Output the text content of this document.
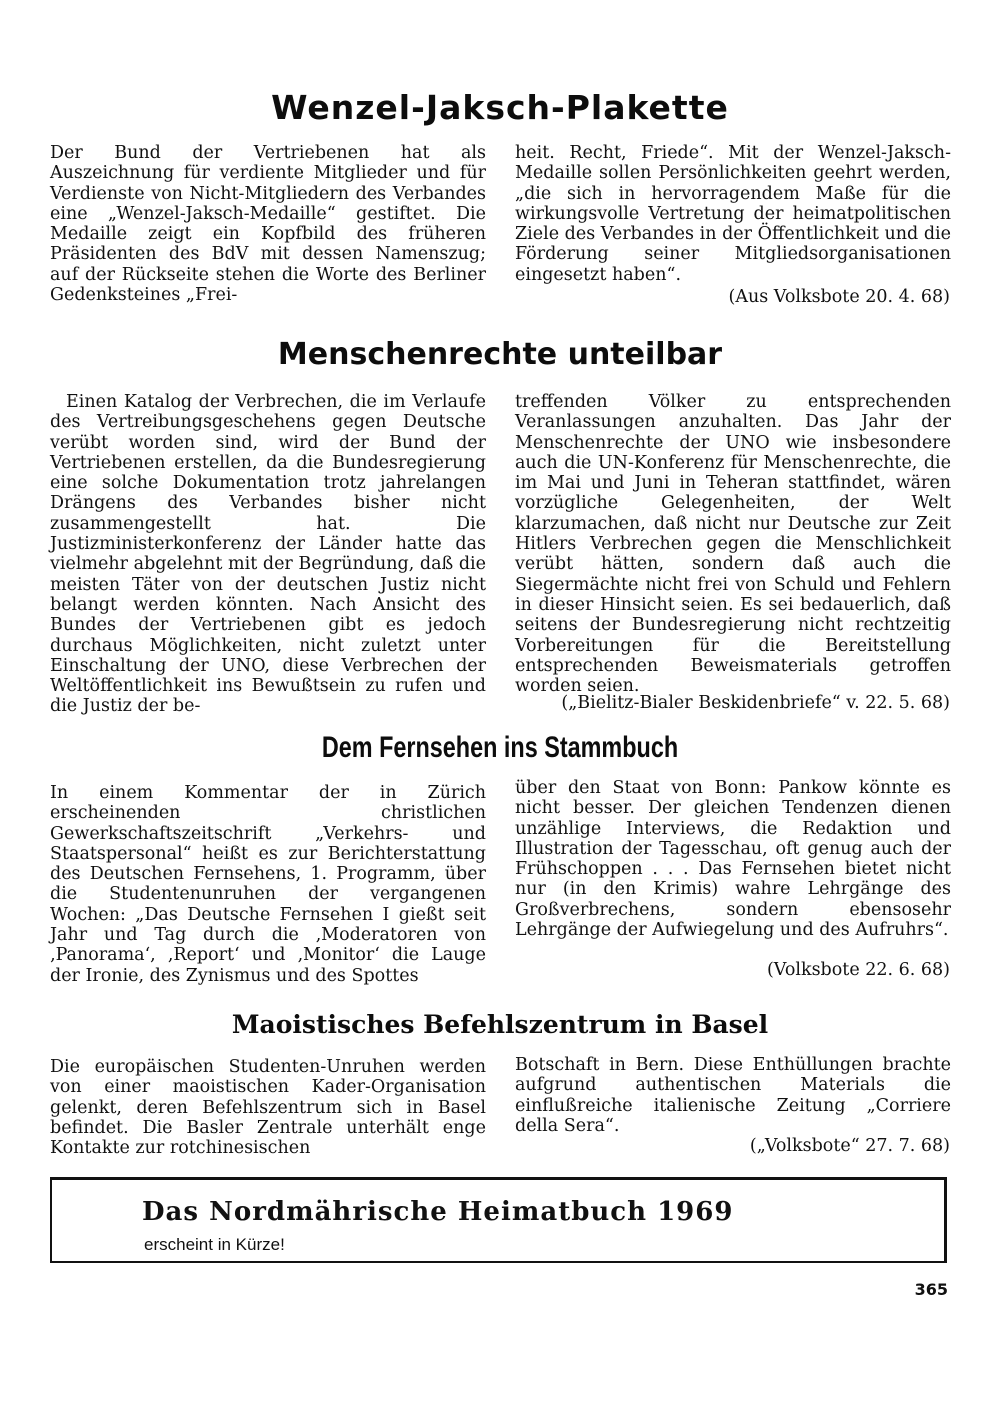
Wenzel-Jaksch-Plakette

Der Bund der Vertriebenen hat als Auszeichnung für verdiente Mitglieder und für Verdienste von Nicht-Mitgliedern des Verbandes eine „Wenzel-Jaksch-Medaille“ gestiftet. Die Medaille zeigt ein Kopfbild des früheren Präsidenten des BdV mit dessen Namenszug; auf der Rückseite stehen die Worte des Berliner Gedenksteines „Frei-

heit. Recht, Friede“. Mit der Wenzel-Jaksch-Medaille sollen Persönlichkeiten geehrt werden, „die sich in hervorragendem Maße für die wirkungsvolle Vertretung der heimatpolitischen Ziele des Verbandes in der Öffentlichkeit und die Förderung seiner Mitgliedsorganisationen eingesetzt haben“.

(Aus Volksbote 20. 4. 68)

Menschenrechte unteilbar

Einen Katalog der Verbrechen, die im Verlaufe des Vertreibungsgeschehens gegen Deutsche verübt worden sind, wird der Bund der Vertriebenen erstellen, da die Bundesregierung eine solche Dokumentation trotz jahrelangen Drängens des Verbandes bisher nicht zusammengestellt hat. Die Justizministerkonferenz der Länder hatte das vielmehr abgelehnt mit der Begründung, daß die meisten Täter von der deutschen Justiz nicht belangt werden könnten. Nach Ansicht des Bundes der Vertriebenen gibt es jedoch durchaus Möglichkeiten, nicht zuletzt unter Einschaltung der UNO, diese Verbrechen der Weltöffentlichkeit ins Bewußtsein zu rufen und die Justiz der be-

treffenden Völker zu entsprechenden Veranlassungen anzuhalten. Das Jahr der Menschenrechte der UNO wie insbesondere auch die UN-Konferenz für Menschenrechte, die im Mai und Juni in Teheran stattfindet, wären vorzügliche Gelegenheiten, der Welt klarzumachen, daß nicht nur Deutsche zur Zeit Hitlers Verbrechen gegen die Menschlichkeit verübt hätten, sondern daß auch die Siegermächte nicht frei von Schuld und Fehlern in dieser Hinsicht seien. Es sei bedauerlich, daß seitens der Bundesregierung nicht rechtzeitig Vorbereitungen für die Bereitstellung entsprechenden Beweismaterials getroffen worden seien.

(„Bielitz-Bialer Beskidenbriefe“ v. 22. 5. 68)

Dem Fernsehen ins Stammbuch

In einem Kommentar der in Zürich erscheinenden christlichen Gewerkschaftszeitschrift „Verkehrs- und Staatspersonal“ heißt es zur Berichterstattung des Deutschen Fernsehens, 1. Programm, über die Studentenunruhen der vergangenen Wochen: „Das Deutsche Fernsehen I gießt seit Jahr und Tag durch die ‚Moderatoren von ‚Panorama‘, ‚Report‘ und ‚Monitor‘ die Lauge der Ironie, des Zynismus und des Spottes

über den Staat von Bonn: Pankow könnte es nicht besser. Der gleichen Tendenzen dienen unzählige Interviews, die Redaktion und Illustration der Tagesschau, oft genug auch der Frühschoppen . . . Das Fernsehen bietet nicht nur (in den Krimis) wahre Lehrgänge des Großverbrechens, sondern ebensosehr Lehrgänge der Aufwiegelung und des Aufruhrs“.

(Volksbote 22. 6. 68)

Maoistisches Befehlszentrum in Basel

Die europäischen Studenten-Unruhen werden von einer maoistischen Kader-Organisation gelenkt, deren Befehlszentrum sich in Basel befindet. Die Basler Zentrale unterhält enge Kontakte zur rotchinesischen

Botschaft in Bern. Diese Enthüllungen brachte aufgrund authentischen Materials die einflußreiche italienische Zeitung „Corriere della Sera“.

(„Volksbote“ 27. 7. 68)

Das Nordmährische Heimatbuch 1969

erscheint in Kürze!

365
